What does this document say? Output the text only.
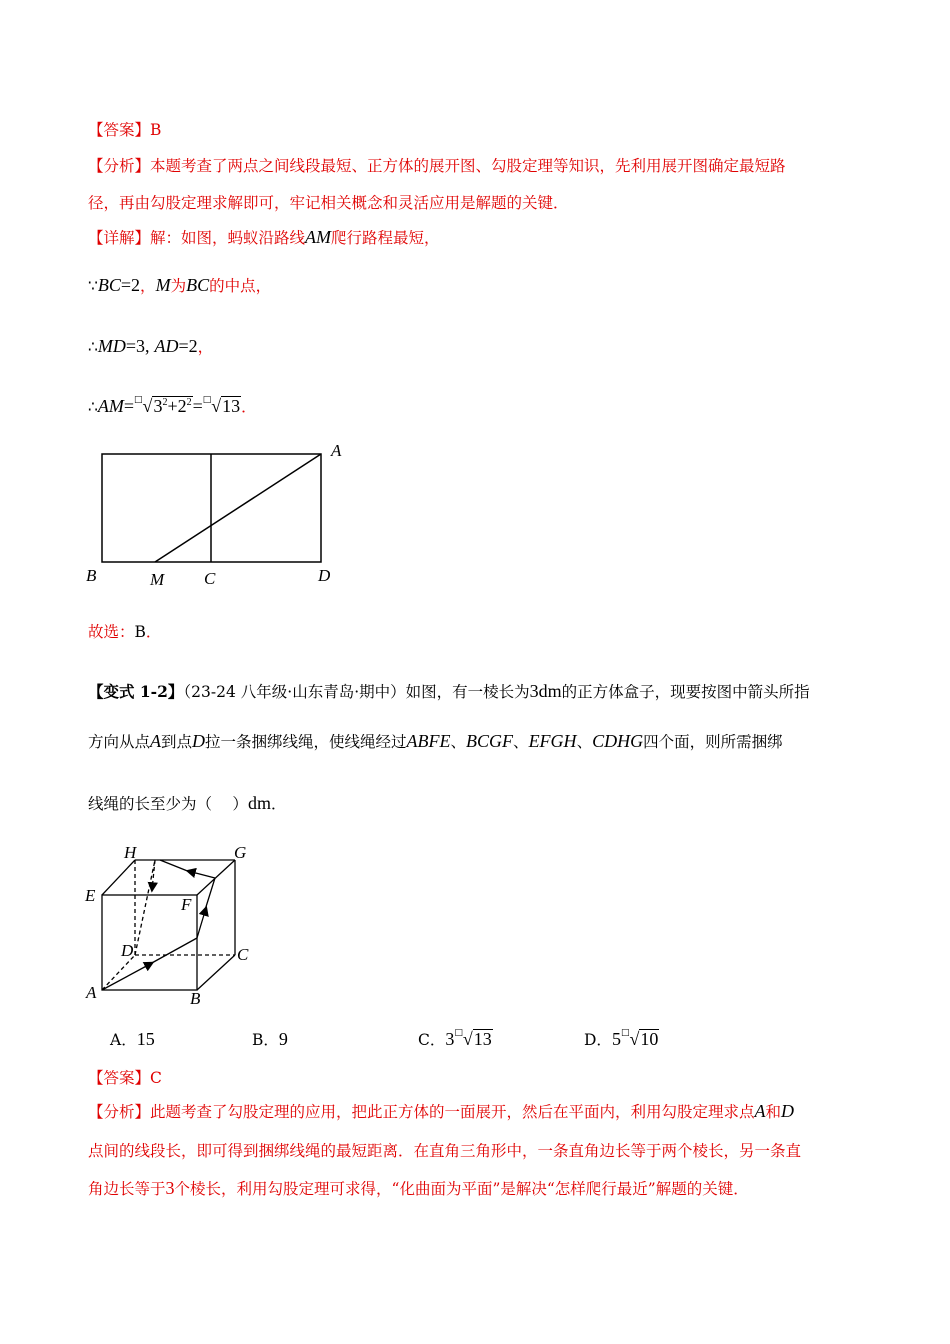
【答案】B
【分析】本题考查了两点之间线段最短、正方体的展开图、勾股定理等知识，先利用展开图确定最短路
径，再由勾股定理求解即可，牢记相关概念和灵活应用是解题的关键．
【详解】解：如图，蚂蚁沿路线AM爬行路程最短，
∵BC=2，M为BC的中点，
∴MD=3, AD=2，
$\therefore AM=^□√3^2+2^2=^□√13$．
A
B	M C	D
故选：B．
【变式 1-2】（23-24 八年级·山东青岛·期中）如图，有一棱长为3dm的正方体盒子，现要按图中箭头所指
方向从点A到点D拉一条捆绑线绳，使线绳经过ABFE、BCGF、EFGH、CDHG四个面，则所需捆绑
线绳的长至少为（　 ）dm．
H	G
E	F
D	C
A	B
A．15	B．9	C．3□√13	D．5□√10
【答案】C
【分析】此题考查了勾股定理的应用，把此正方体的一面展开，然后在平面内，利用勾股定理求点A和D
点间的线段长，即可得到捆绑线绳的最短距离．在直角三角形中，一条直角边长等于两个棱长，另一条直
角边长等于3个棱长，利用勾股定理可求得，“化曲面为平面”是解决“怎样爬行最近”解题的关键．
